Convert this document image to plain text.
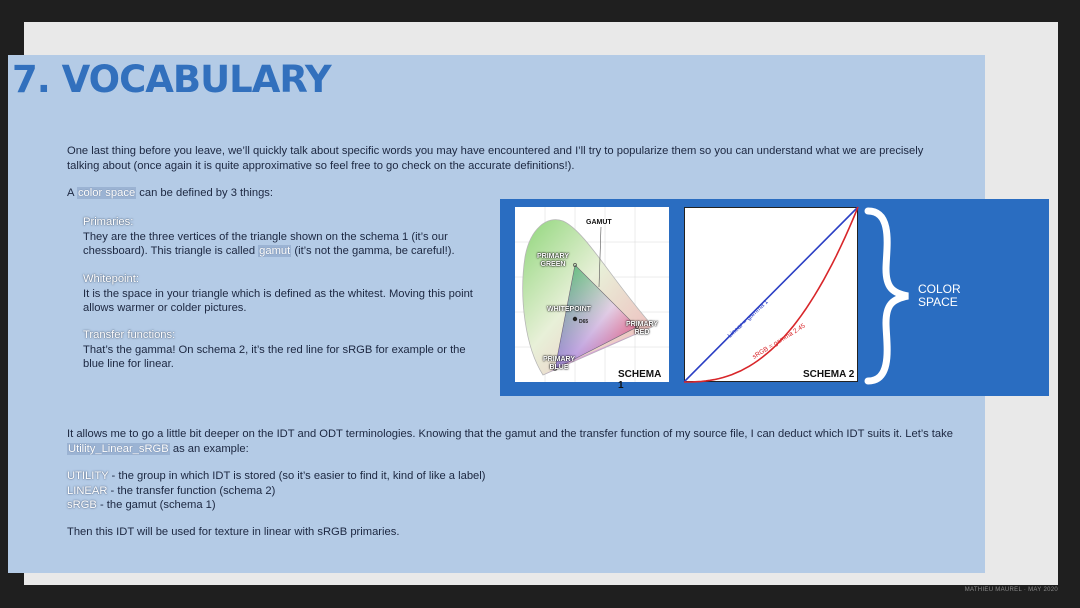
7. VOCABULARY

One last thing before you leave, we’ll quickly talk about specific words you may have encountered and I’ll try to popularize them so you can understand what we are precisely talking about (once again it is quite approximative so feel free to go check on the accurate definitions!).

A color space can be defined by 3 things:

Primaries:

They are the three vertices of the triangle shown on the schema 1 (it’s our chessboard). This triangle is called gamut (it’s not the gamma, be careful!).

Whitepoint:

It is the space in your triangle which is defined as the whitest. Moving this point allows warmer or colder pictures.

Transfer functions:

That’s the gamma! On schema 2, it’s the red line for sRGB for example or the blue line for linear.

GAMUT
PRIMARY GREEN
WHITEPOINT
D65	PRIMARY RED
PRIMARY BLUE
SCHEMA 1
Linear = gamma 1
sRGB = gamma 2.45
SCHEMA 2
COLOR
SPACE

It allows me to go a little bit deeper on the IDT and ODT terminologies. Knowing that the gamut and the transfer function of my source file, I can deduct which IDT suits it. Let’s take Utility_Linear_sRGB as an example:

UTILITY - the group in which IDT is stored (so it’s easier to find it, kind of like a label)

LINEAR - the transfer function (schema 2)

sRGB - the gamut (schema 1)

Then this IDT will be used for texture in linear with sRGB primaries.

MATHIEU MAUREL · MAY 2020
